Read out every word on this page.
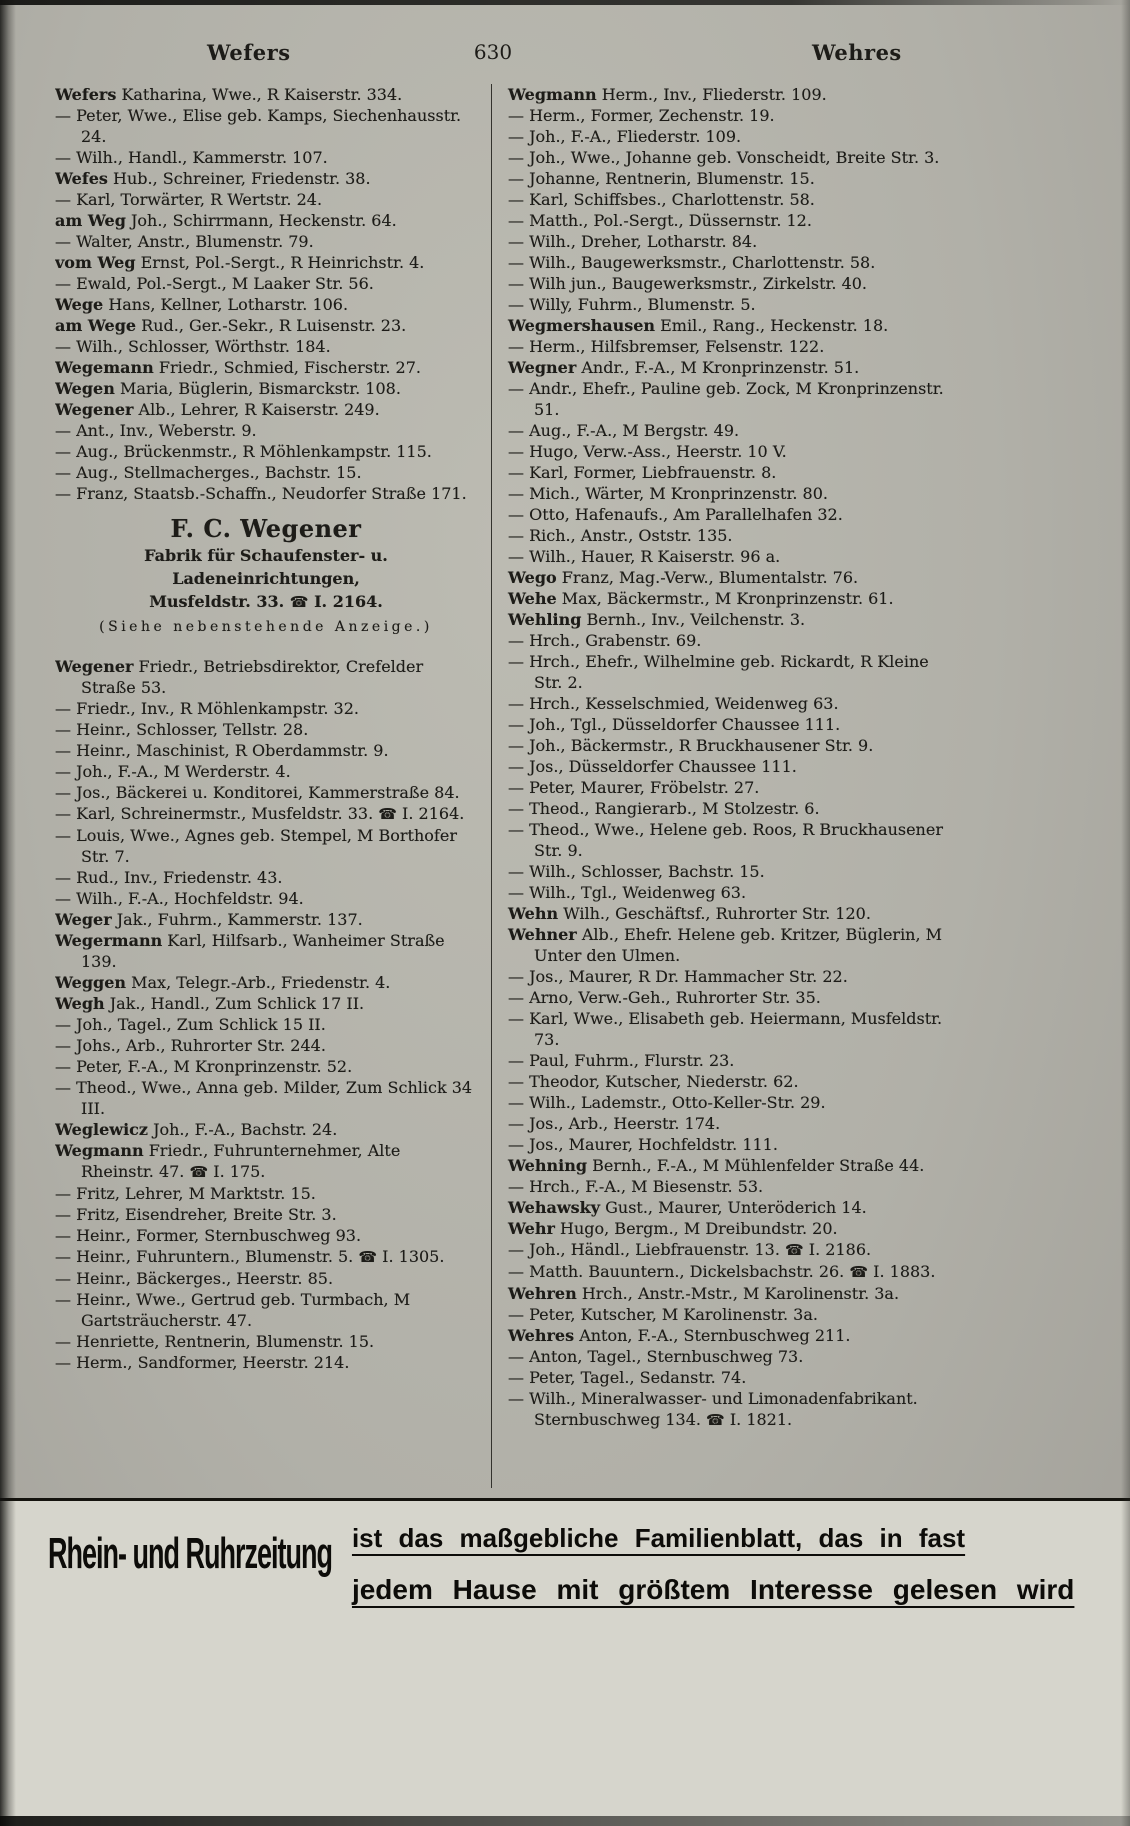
Wefers	630	Wehres

Wefers Katharina, Wwe., R Kaiserstr. 334.

— Peter, Wwe., Elise geb. Kamps, Siechenhausstr. 24.

— Wilh., Handl., Kammerstr. 107.

Wefes Hub., Schreiner, Friedenstr. 38.

— Karl, Torwärter, R Wertstr. 24.

am Weg Joh., Schirrmann, Heckenstr. 64.

— Walter, Anstr., Blumenstr. 79.

vom Weg Ernst, Pol.-Sergt., R Heinrichstr. 4.

— Ewald, Pol.-Sergt., M Laaker Str. 56.

Wege Hans, Kellner, Lotharstr. 106.

am Wege Rud., Ger.-Sekr., R Luisenstr. 23.

— Wilh., Schlosser, Wörthstr. 184.

Wegemann Friedr., Schmied, Fischerstr. 27.

Wegen Maria, Büglerin, Bismarckstr. 108.

Wegener Alb., Lehrer, R Kaiserstr. 249.

— Ant., Inv., Weberstr. 9.

— Aug., Brückenmstr., R Möhlenkampstr. 115.

— Aug., Stellmacherges., Bachstr. 15.

— Franz, Staatsb.-Schaffn., Neudorfer Straße 171.

F. C. Wegener
Fabrik für Schaufenster- u. Ladeneinrichtungen,
Musfeldstr. 33. ☎ I. 2164.
(Siehe nebenstehende Anzeige.)

Wegener Friedr., Betriebsdirektor, Crefelder Straße 53.

— Friedr., Inv., R Möhlenkampstr. 32.

— Heinr., Schlosser, Tellstr. 28.

— Heinr., Maschinist, R Oberdammstr. 9.

— Joh., F.-A., M Werderstr. 4.

— Jos., Bäckerei u. Konditorei, Kammerstraße 84.

— Karl, Schreinermstr., Musfeldstr. 33. ☎ I. 2164.

— Louis, Wwe., Agnes geb. Stempel, M Borthofer Str. 7.

— Rud., Inv., Friedenstr. 43.

— Wilh., F.-A., Hochfeldstr. 94.

Weger Jak., Fuhrm., Kammerstr. 137.

Wegermann Karl, Hilfsarb., Wanheimer Straße 139.

Weggen Max, Telegr.-Arb., Friedenstr. 4.

Wegh Jak., Handl., Zum Schlick 17 II.

— Joh., Tagel., Zum Schlick 15 II.

— Johs., Arb., Ruhrorter Str. 244.

— Peter, F.-A., M Kronprinzenstr. 52.

— Theod., Wwe., Anna geb. Milder, Zum Schlick 34 III.

Weglewicz Joh., F.-A., Bachstr. 24.

Wegmann Friedr., Fuhrunternehmer, Alte Rheinstr. 47. ☎ I. 175.

— Fritz, Lehrer, M Marktstr. 15.

— Fritz, Eisendreher, Breite Str. 3.

— Heinr., Former, Sternbuschweg 93.

— Heinr., Fuhruntern., Blumenstr. 5. ☎ I. 1305.

— Heinr., Bäckerges., Heerstr. 85.

— Heinr., Wwe., Gertrud geb. Turmbach, M Gartsträucherstr. 47.

— Henriette, Rentnerin, Blumenstr. 15.

— Herm., Sandformer, Heerstr. 214.

Wegmann Herm., Inv., Fliederstr. 109.

— Herm., Former, Zechenstr. 19.

— Joh., F.-A., Fliederstr. 109.

— Joh., Wwe., Johanne geb. Vonscheidt, Breite Str. 3.

— Johanne, Rentnerin, Blumenstr. 15.

— Karl, Schiffsbes., Charlottenstr. 58.

— Matth., Pol.-Sergt., Düssernstr. 12.

— Wilh., Dreher, Lotharstr. 84.

— Wilh., Baugewerksmstr., Charlottenstr. 58.

— Wilh jun., Baugewerksmstr., Zirkelstr. 40.

— Willy, Fuhrm., Blumenstr. 5.

Wegmershausen Emil., Rang., Heckenstr. 18.

— Herm., Hilfsbremser, Felsenstr. 122.

Wegner Andr., F.-A., M Kronprinzenstr. 51.

— Andr., Ehefr., Pauline geb. Zock, M Kronprinzenstr. 51.

— Aug., F.-A., M Bergstr. 49.

— Hugo, Verw.-Ass., Heerstr. 10 V.

— Karl, Former, Liebfrauenstr. 8.

— Mich., Wärter, M Kronprinzenstr. 80.

— Otto, Hafenaufs., Am Parallelhafen 32.

— Rich., Anstr., Oststr. 135.

— Wilh., Hauer, R Kaiserstr. 96 a.

Wego Franz, Mag.-Verw., Blumentalstr. 76.

Wehe Max, Bäckermstr., M Kronprinzenstr. 61.

Wehling Bernh., Inv., Veilchenstr. 3.

— Hrch., Grabenstr. 69.

— Hrch., Ehefr., Wilhelmine geb. Rickardt, R Kleine Str. 2.

— Hrch., Kesselschmied, Weidenweg 63.

— Joh., Tgl., Düsseldorfer Chaussee 111.

— Joh., Bäckermstr., R Bruckhausener Str. 9.

— Jos., Düsseldorfer Chaussee 111.

— Peter, Maurer, Fröbelstr. 27.

— Theod., Rangierarb., M Stolzestr. 6.

— Theod., Wwe., Helene geb. Roos, R Bruckhausener Str. 9.

— Wilh., Schlosser, Bachstr. 15.

— Wilh., Tgl., Weidenweg 63.

Wehn Wilh., Geschäftsf., Ruhrorter Str. 120.

Wehner Alb., Ehefr. Helene geb. Kritzer, Büglerin, M Unter den Ulmen.

— Jos., Maurer, R Dr. Hammacher Str. 22.

— Arno, Verw.-Geh., Ruhrorter Str. 35.

— Karl, Wwe., Elisabeth geb. Heiermann, Musfeldstr. 73.

— Paul, Fuhrm., Flurstr. 23.

— Theodor, Kutscher, Niederstr. 62.

— Wilh., Lademstr., Otto-Keller-Str. 29.

— Jos., Arb., Heerstr. 174.

— Jos., Maurer, Hochfeldstr. 111.

Wehning Bernh., F.-A., M Mühlenfelder Straße 44.

— Hrch., F.-A., M Biesenstr. 53.

Wehawsky Gust., Maurer, Unteröderich 14.

Wehr Hugo, Bergm., M Dreibundstr. 20.

— Joh., Händl., Liebfrauenstr. 13. ☎ I. 2186.

— Matth. Bauuntern., Dickelsbachstr. 26. ☎ I. 1883.

Wehren Hrch., Anstr.-Mstr., M Karolinenstr. 3a.

— Peter, Kutscher, M Karolinenstr. 3a.

Wehres Anton, F.-A., Sternbuschweg 211.

— Anton, Tagel., Sternbuschweg 73.

— Peter, Tagel., Sedanstr. 74.

— Wilh., Mineralwasser- und Limonadenfabrikant. Sternbuschweg 134. ☎ I. 1821.

Rhein- und Ruhrzeitung ist das maßgebliche Familienblatt, das in fast
jedem Hause mit größtem Interesse gelesen wird
